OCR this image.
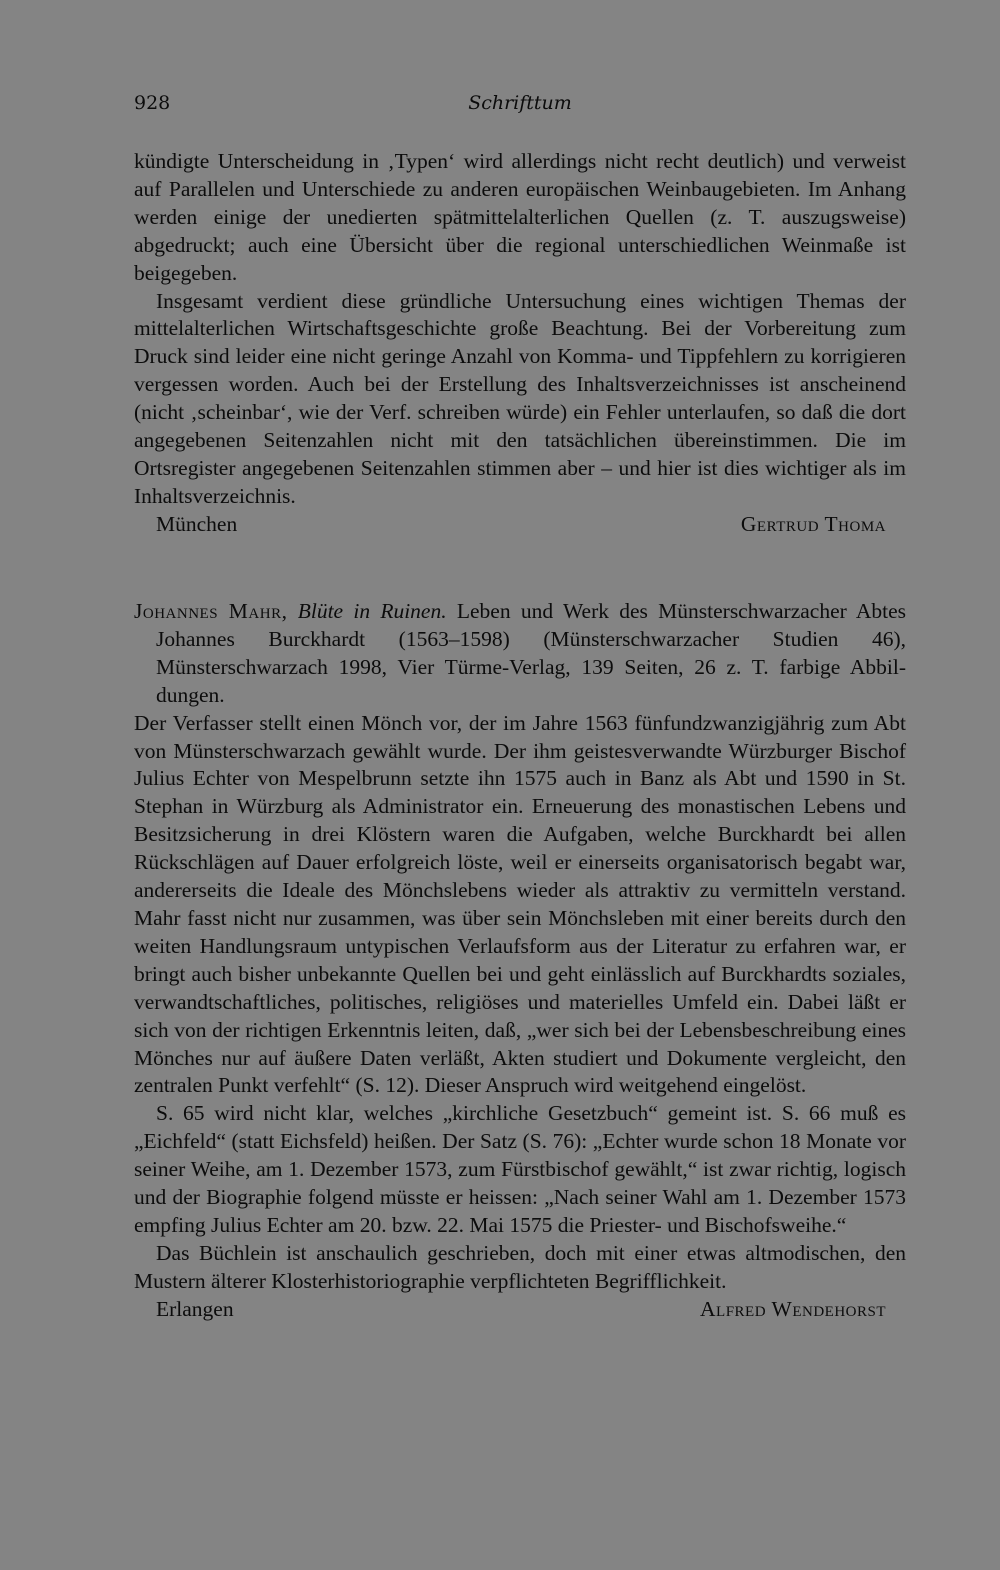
928	Schrifttum

kündigte Unterscheidung in ‚Typen‘ wird allerdings nicht recht deutlich) und verweist auf Parallelen und Unterschiede zu anderen europäischen Weinbaugebieten. Im Anhang werden einige der unedierten spätmittelalterlichen Quellen (z. T. auszugsweise) abgedruckt; auch eine Übersicht über die regional unterschiedlichen Weinmaße ist beigegeben.

Insgesamt verdient diese gründliche Untersuchung eines wichtigen Themas der mittelalterlichen Wirtschaftsgeschichte große Beachtung. Bei der Vorbereitung zum Druck sind leider eine nicht geringe Anzahl von Komma- und Tippfehlern zu korrigieren vergessen worden. Auch bei der Erstellung des Inhaltsverzeichnisses ist anscheinend (nicht ‚scheinbar‘, wie der Verf. schreiben würde) ein Fehler unterlaufen, so daß die dort angegebenen Seitenzahlen nicht mit den tatsächlichen übereinstimmen. Die im Ortsregister angegebenen Seitenzahlen stimmen aber – und hier ist dies wichtiger als im Inhaltsverzeichnis.

München	Gertrud Thoma

Johannes Mahr, Blüte in Ruinen. Leben und Werk des Münsterschwarzacher Abtes Johannes Burckhardt (1563–1598) (Münsterschwarzacher Studien 46), Münsterschwarzach 1998, Vier Türme-Verlag, 139 Seiten, 26 z. T. farbige Abbildungen.

Der Verfasser stellt einen Mönch vor, der im Jahre 1563 fünfundzwanzigjährig zum Abt von Münsterschwarzach gewählt wurde. Der ihm geistesverwandte Würzburger Bischof Julius Echter von Mespelbrunn setzte ihn 1575 auch in Banz als Abt und 1590 in St. Stephan in Würzburg als Administrator ein. Erneuerung des monastischen Lebens und Besitzsicherung in drei Klöstern waren die Aufgaben, welche Burckhardt bei allen Rückschlägen auf Dauer erfolgreich löste, weil er einerseits organisatorisch begabt war, andererseits die Ideale des Mönchslebens wieder als attraktiv zu vermitteln verstand. Mahr fasst nicht nur zusammen, was über sein Mönchsleben mit einer bereits durch den weiten Handlungsraum untypischen Verlaufsform aus der Literatur zu erfahren war, er bringt auch bisher unbekannte Quellen bei und geht einlässlich auf Burckhardts soziales, verwandtschaftliches, politisches, religiöses und materielles Umfeld ein. Dabei läßt er sich von der richtigen Erkenntnis leiten, daß, „wer sich bei der Lebensbeschreibung eines Mönches nur auf äußere Daten verläßt, Akten studiert und Dokumente vergleicht, den zentralen Punkt verfehlt“ (S. 12). Dieser Anspruch wird weitgehend eingelöst.

S. 65 wird nicht klar, welches „kirchliche Gesetzbuch“ gemeint ist. S. 66 muß es „Eichfeld“ (statt Eichsfeld) heißen. Der Satz (S. 76): „Echter wurde schon 18 Monate vor seiner Weihe, am 1. Dezember 1573, zum Fürstbischof gewählt,“ ist zwar richtig, logisch und der Biographie folgend müsste er heissen: „Nach seiner Wahl am 1. Dezember 1573 empfing Julius Echter am 20. bzw. 22. Mai 1575 die Priester- und Bischofsweihe.“

Das Büchlein ist anschaulich geschrieben, doch mit einer etwas altmodischen, den Mustern älterer Klosterhistoriographie verpflichteten Begrifflichkeit.

Erlangen	Alfred Wendehorst
